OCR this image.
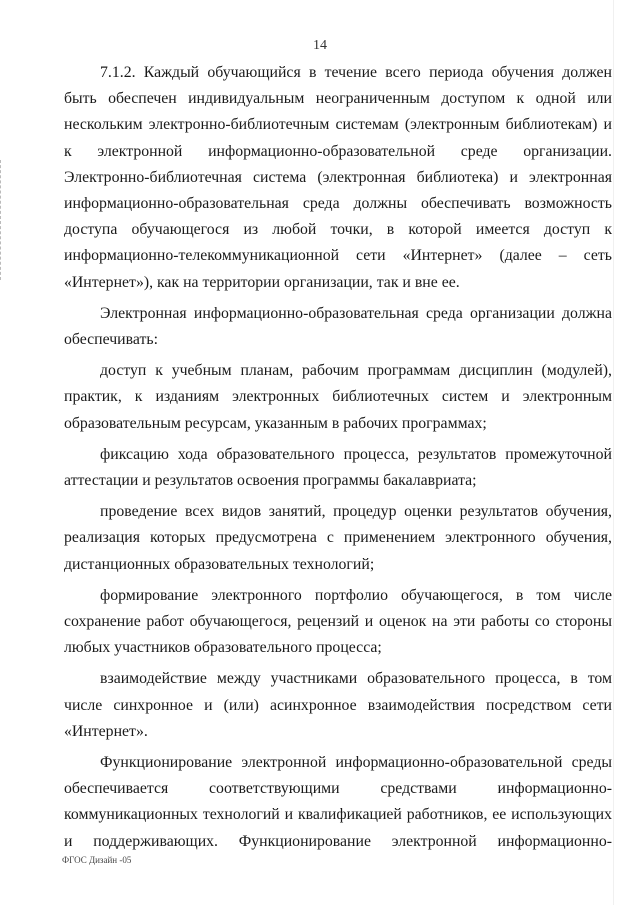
14

7.1.2. Каждый обучающийся в течение всего периода обучения должен быть обеспечен индивидуальным неограниченным доступом к одной или нескольким электронно-библиотечным системам (электронным библиотекам) и к электронной информационно-образовательной среде организации. Электронно-библиотечная система (электронная библиотека) и электронная информационно-образовательная среда должны обеспечивать возможность доступа обучающегося из любой точки, в которой имеется доступ к информационно-телекоммуникационной сети «Интернет» (далее – сеть «Интернет»), как на территории организации, так и вне ее.

Электронная информационно-образовательная среда организации должна обеспечивать:

доступ к учебным планам, рабочим программам дисциплин (модулей), практик, к изданиям электронных библиотечных систем и электронным образовательным ресурсам, указанным в рабочих программах;

фиксацию хода образовательного процесса, результатов промежуточной аттестации и результатов освоения программы бакалавриата;

проведение всех видов занятий, процедур оценки результатов обучения, реализация которых предусмотрена с применением электронного обучения, дистанционных образовательных технологий;

формирование электронного портфолио обучающегося, в том числе сохранение работ обучающегося, рецензий и оценок на эти работы со стороны любых участников образовательного процесса;

взаимодействие между участниками образовательного процесса, в том числе синхронное и (или) асинхронное взаимодействия посредством сети «Интернет».

Функционирование электронной информационно-образовательной среды обеспечивается соответствующими средствами информационно-коммуникационных технологий и квалификацией работников, ее использующих и поддерживающих. Функционирование электронной информационно-

ФГОС Дизайн -05
